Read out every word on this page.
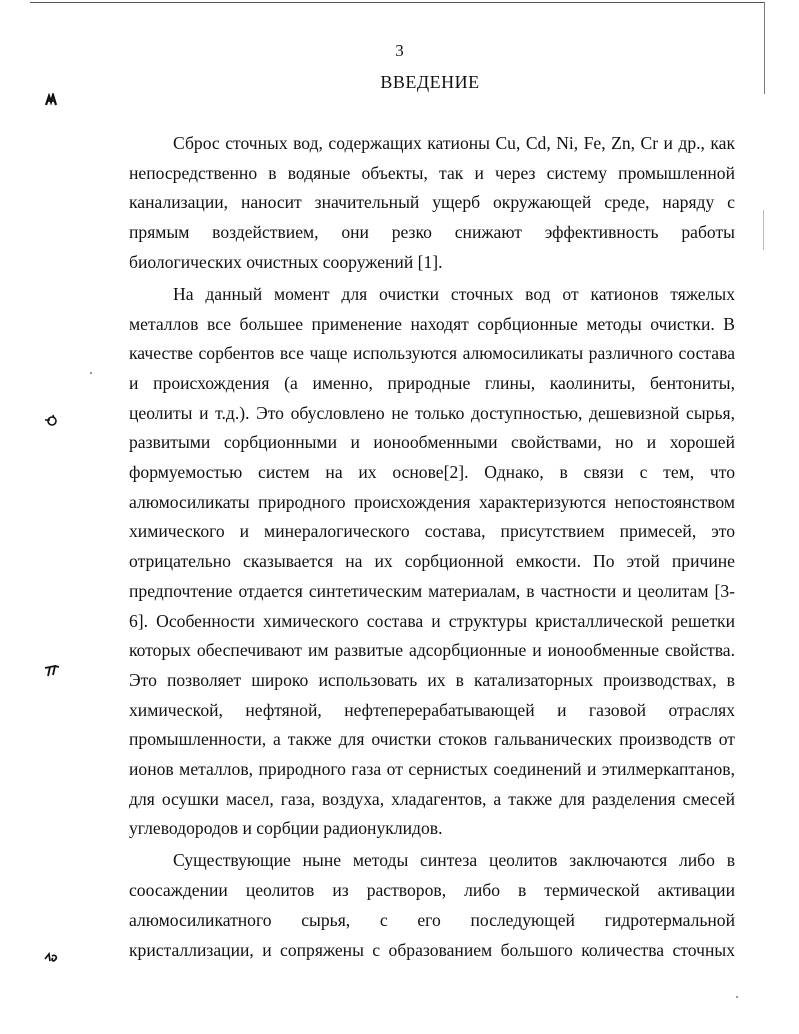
3
ВВЕДЕНИЕ

Сброс сточных вод, содержащих катионы Cu, Cd, Ni, Fe, Zn, Cr и др., как
непосредственно в водяные объекты, так и через систему промышленной
канализации, наносит значительный ущерб окружающей среде, наряду с
прямым воздействием, они резко снижают эффективность работы
биологических очистных сооружений [1].

На данный момент для очистки сточных вод от катионов тяжелых
металлов все большее применение находят сорбционные методы очистки. В
качестве сорбентов все чаще используются алюмосиликаты различного состава
и происхождения (а именно, природные глины, каолиниты, бентониты,
цеолиты и т.д.). Это обусловлено не только доступностью, дешевизной сырья,
развитыми сорбционными и ионообменными свойствами, но и хорошей
формуемостью систем на их основе[2]. Однако, в связи с тем, что
алюмосиликаты природного происхождения характеризуются непостоянством
химического и минералогического состава, присутствием примесей, это
отрицательно сказывается на их сорбционной емкости. По этой причине
предпочтение отдается синтетическим материалам, в частности и цеолитам [3-
6]. Особенности химического состава и структуры кристаллической решетки
которых обеспечивают им развитые адсорбционные и ионообменные свойства.
Это позволяет широко использовать их в катализаторных производствах, в
химической, нефтяной, нефтеперерабатывающей и газовой отраслях
промышленности, а также для очистки стоков гальванических производств от
ионов металлов, природного газа от сернистых соединений и этилмеркаптанов,
для осушки масел, газа, воздуха, хладагентов, а также для разделения смесей
углеводородов и сорбции радионуклидов.

Существующие ныне методы синтеза цеолитов заключаются либо в
соосаждении цеолитов из растворов, либо в термической активации
алюмосиликатного сырья, с его последующей гидротермальной
кристаллизации, и сопряжены с образованием большого количества сточных
